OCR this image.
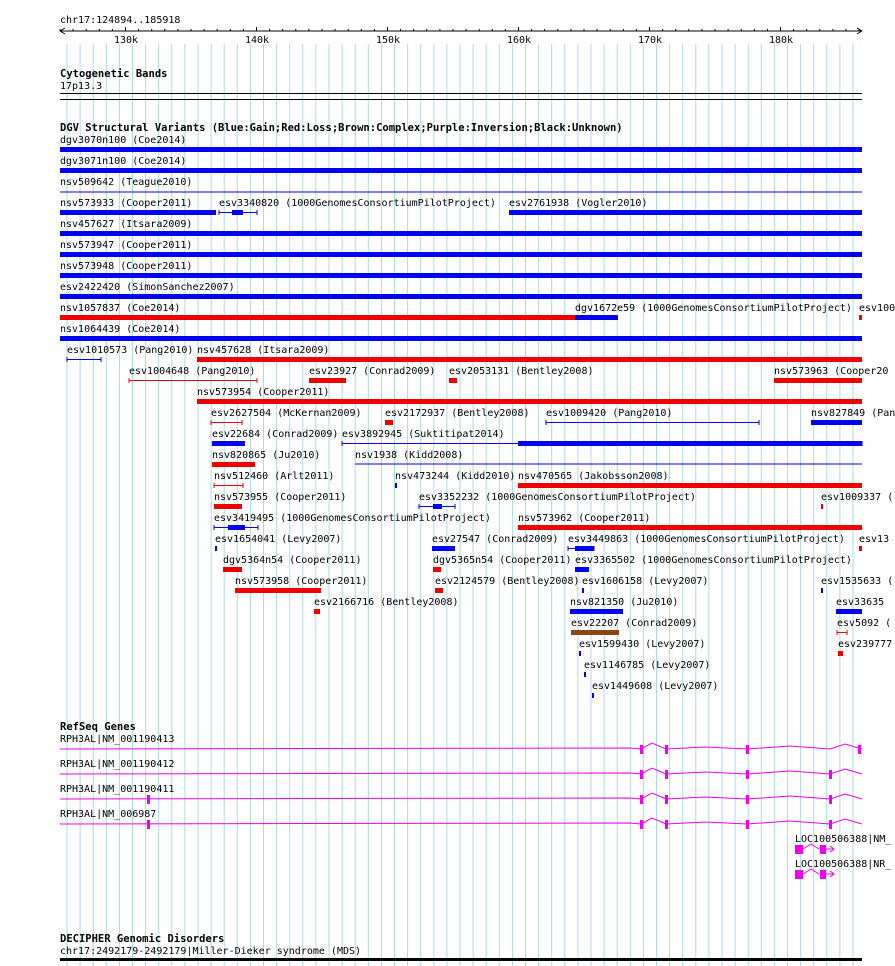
chr17:124894..185918
130k	140k	150k	160k	170k	180k
Cytogenetic Bands
17p13.3
DGV Structural Variants (Blue:Gain;Red:Loss;Brown:Complex;Purple:Inversion;Black:Unknown)
dgv3070n100 (Coe2014)
dgv3071n100 (Coe2014)
nsv509642 (Teague2010)
nsv573933 (Cooper2011)	esv3340820 (1000GenomesConsortiumPilotProject) esv2761938 (Vogler2010)
nsv457627 (Itsara2009)
nsv573947 (Cooper2011)
nsv573948 (Cooper2011)
esv2422420 (SimonSanchez2007)
nsv1057837 (Coe2014)	dgv1672e59 (1000GenomesConsortiumPilotProject) esv100
nsv1064439 (Coe2014)
esv1010573 (Pang2010) nsv457628 (Itsara2009)
esv1004648 (Pang2010)	esv23927 (Conrad2009) esv2053131 (Bentley2008)	nsv573963 (Cooper20
nsv573954 (Cooper2011)
esv2627504 (McKernan2009) esv2172937 (Bentley2008) esv1009420 (Pang2010)	nsv827849 (Pan
esv22684 (Conrad2009) esv3892945 (Suktitipat2014)
nsv820865 (Ju2010)	nsv1938 (Kidd2008)
nsv512460 (Arlt2011)	nsv473244 (Kidd2010) nsv470565 (Jakobsson2008)
nsv573955 (Cooper2011)	esv3352232 (1000GenomesConsortiumPilotProject)	esv1009337 (
esv3419495 (1000GenomesConsortiumPilotProject)	nsv573962 (Cooper2011)
esv1654041 (Levy2007)	esv27547 (Conrad2009) esv3449863 (1000GenomesConsortiumPilotProject) esv13
dgv5364n54 (Cooper2011)	dgv5365n54 (Cooper2011) esv3365502 (1000GenomesConsortiumPilotProject)
nsv573958 (Cooper2011)	esv2124579 (Bentley2008) esv1606158 (Levy2007)	esv1535633 (
esv2166716 (Bentley2008)	nsv821350 (Ju2010)	esv33635
esv22207 (Conrad2009)	esv5092 (
esv1599430 (Levy2007)	esv239777
esv1146785 (Levy2007)
esv1449608 (Levy2007)
RefSeq Genes
RPH3AL|NM_001190413
RPH3AL|NM_001190412
RPH3AL|NM_001190411
RPH3AL|NM_006987
LOC100506388|NM_
LOC100506388|NR_
DECIPHER Genomic Disorders
chr17:2492179-2492179|Miller-Dieker syndrome (MDS)
